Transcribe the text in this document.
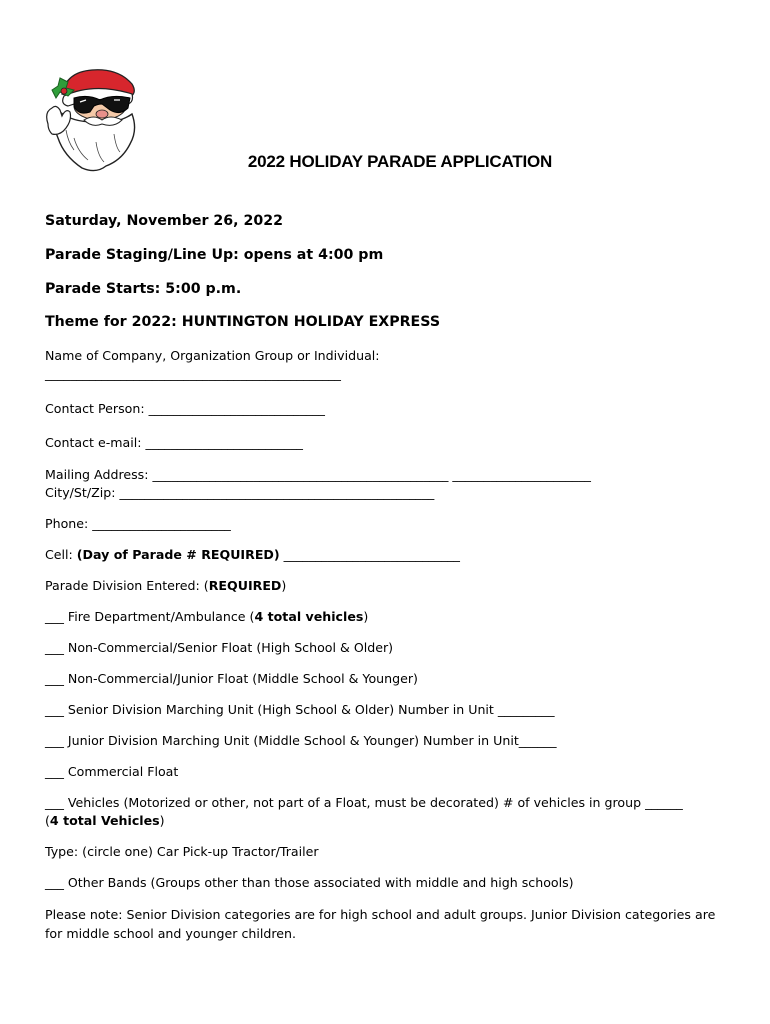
2022 HOLIDAY PARADE APPLICATION
Saturday, November 26, 2022
Parade Staging/Line Up: opens at 4:00 pm
Parade Starts: 5:00 p.m.
Theme for 2022: HUNTINGTON HOLIDAY EXPRESS
Name of Company, Organization Group or Individual:
_______________________________________________
Contact Person: ____________________________
Contact e-mail: _________________________
Mailing Address: _______________________________________________ ______________________
City/St/Zip: __________________________________________________
Phone: ______________________
Cell: (Day of Parade # REQUIRED) ____________________________
Parade Division Entered: (REQUIRED)
___ Fire Department/Ambulance (4 total vehicles)
___ Non-Commercial/Senior Float (High School & Older)
___ Non-Commercial/Junior Float (Middle School & Younger)
___ Senior Division Marching Unit (High School & Older) Number in Unit _________
___ Junior Division Marching Unit (Middle School & Younger) Number in Unit______
___ Commercial Float
___ Vehicles (Motorized or other, not part of a Float, must be decorated) # of vehicles in group ______
(4 total Vehicles)
Type: (circle one) Car Pick-up Tractor/Trailer
___ Other Bands (Groups other than those associated with middle and high schools)
Please note: Senior Division categories are for high school and adult groups. Junior Division categories are for middle school and younger children.
